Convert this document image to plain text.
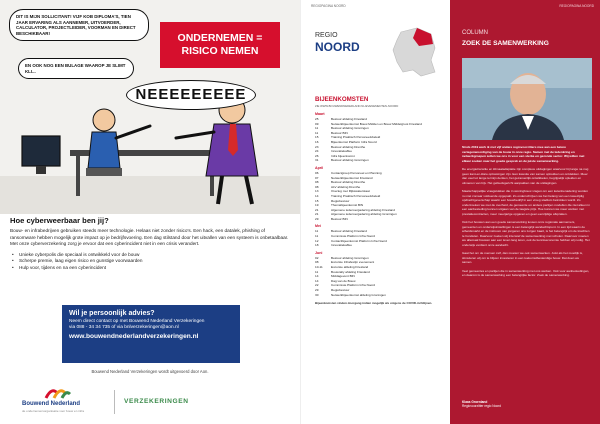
DIT IS MIJN SOLLICITANT! VIJF KOB DIPLOMA'S, TIEN JAAR ERVARING ALS AANNEMER, UITVOERDER, CALCULATOR, PROJECTLEIDER, VOORMAN EN DIRECT BESCHIKBAAR!
EN OOK NOG EEN BULAGE WAAROP JE SLIMT KLI...
NEEEEEEEEE
ONDERNEMEN =
RISICO NEMEN

Hoe cyberweerbaar ben jij?

Bouw- en infrabedrijven gebruiken steeds meer technologie. Helaas niet zonder risico's. Een hack, een datalek, phishing of ransomware hebben mogelijk grote impact op je bedrijfsvoering. Een dag stilstand door het uitvallen van een systeem is onbetaalbaar. Met onze cyberverzekering zorg je ervoor dat een cyberincident niet in een crisis verandert.

• Unieke cyberpolis die speciaal is ontwikkeld voor de bouw
• Scherpe premie, laag eigen risico en gunstige voorwaarden
• Hulp voor, tijdens en na een cyberincident

Wil je persoonlijk advies?

Neem direct contact op met Bouwend Nederland Verzekeringen

via 088 - 34 34 735 of via bnlverzekeringen@aon.nl

www.bouwendnederlandverzekeringen.nl

Bouwend Nederland Verzekeringen wordt uitgevoerd door Aon.
Bouwend Nederland
de ondernemersorganisatie voor bouw en infra
VERZEKERINGEN
REGIOPAGINA NOORD
REGIO
NOORD

BIJEENKOMSTEN

ZIE WWW.BOUWENDNEDERLAND.NL/EVENEMENTEN-NOORD

Maart
25	Bestuur afdeling Friesland
09	Netwerkbijeenkomst Bouw Midden en Bouw Middelgroot Friesland
11	Bestuur afdeling Groningen
11	Bestuur BIN
15	Training Praktisch Personeelsbeleid
16	Bijeenkomst Platform Infra Noord
23	Bestuur afdeling Drenthe
24	Innovatiekaffee
26	Infra bijeenkomst
31	Bestuur afdeling Groningen
April
06	Contactgroep Personeel en Planning
07	Netwerkbijeenkomst Friesland
08	Bestuur afdeling Drenthe
08	ALV afdeling Drenthe
13	Overleg met Rijkswaterstaat
14	Training Praktisch Personeelsbeleid
15	Regiobestuur
19	Themabijeenkomst BIN
21	Algemene ledenvergadering afdeling Friesland
21	Algemene ledenvergadering afdeling Groningen
29	Bestuur BIN
Mei
11	Bestuur afdeling Friesland
11	Commissie Platform Infra Noord
12	Contactbijeenkomst Platform Infra Noord
18	Innovatiekaffee
Juni
02	Bestuur afdeling Groningen
08	Excursie Infrafestijn evenement
10-11	Excursie afdeling Friesland
11	Bouwrally afdeling Friesland
14	Middagevent BIN
14	Dag van de Bouw
22	Commissie Platform Infra Noord
29	Regiobestuur
30	Netwerkbijeenkomst afdeling Groningen
Bijeenkomsten vinden doorgang indien mogelijk als volgens de COVID-richtlijnen.
REGIOPAGINA NOORD
COLUMN
ZOEK DE SAMENWERKING

Sinds 2019 werk ik met vijf andere regiovoorzitters mee aan een betere vertegenwoordiging van de bouw in onze regio. Samen met de ledenkring en netwerkgroepen zetten we ons in voor een sterke en gezonde sector. Wij willen met elkaar zoeken naar het goede gesprek en de juiste samenwerking.

De energietransitie en klimaatadaptatie zijn complexe uitdagingen waarvoor bij lange na nog geen kant-en-klare oplossingen zijn. Een kwestie van samen optrekken en ontdekken. Meer dan veel tot lange termijn denken, het gezamenlijk ontwikkelen, begrijpelijk opleiden en uitvoeren van bijv. Het gebiedsgericht aanpakken van de uitdagingen.

Maatschappelijke vraagstukken die in woningbouw vragen om een ketenbenadering worden nu niet zomaar voldoende opgepakt. Zo onderschrijven we het belang van een tweezijdig opdrachtgeverschap waarin een bouwbedrijf in een vroeg stadium betrokken wordt. Zo onderzoeken we met de overheid, de gemeente en andere partijen modellen die niet alleen in een aanbesteding kunnen uitgaan van de laagste prijs. Hoe kunnen we meer werken met prestatiecontracten, meer meerjarige opgaven en geen eenzijdige afspraken.

Ook het bouwen aan een goede samenwerking tussen onze regionale aannemers, gemeenten en onderwijsinstellingen is een belangrijk aandachtspunt. In een tijd waarin de arbeidsmarkt en de instroom van jongeren ons zorgen baart, is het belangrijk om de krachten te bundelen. Daarvoor zoeken wij intensief de samenwerking met scholen. Daarvoor moeten we allemaal bouwen aan een leven lang leren, ook de kenniseconomie hebben wij nodig. Het onderwijs verdient onze aandacht.

Gaat het om de mensen zelf, dan moeten we ook samenwerken. Juist als het moeilijk is, stimuleren wij om te blijven investeren in een toekomstbestendige bouw. Dat doen we samen.

Veel gemeentes en partijen die in samenwerking met ons werken. Ook voor aanbestedingen, en daarom is de samenwerking een belangrijke factor. Zoek de samenwerking.

Klaas Groenland
Regiovoorzitter regio Noord
